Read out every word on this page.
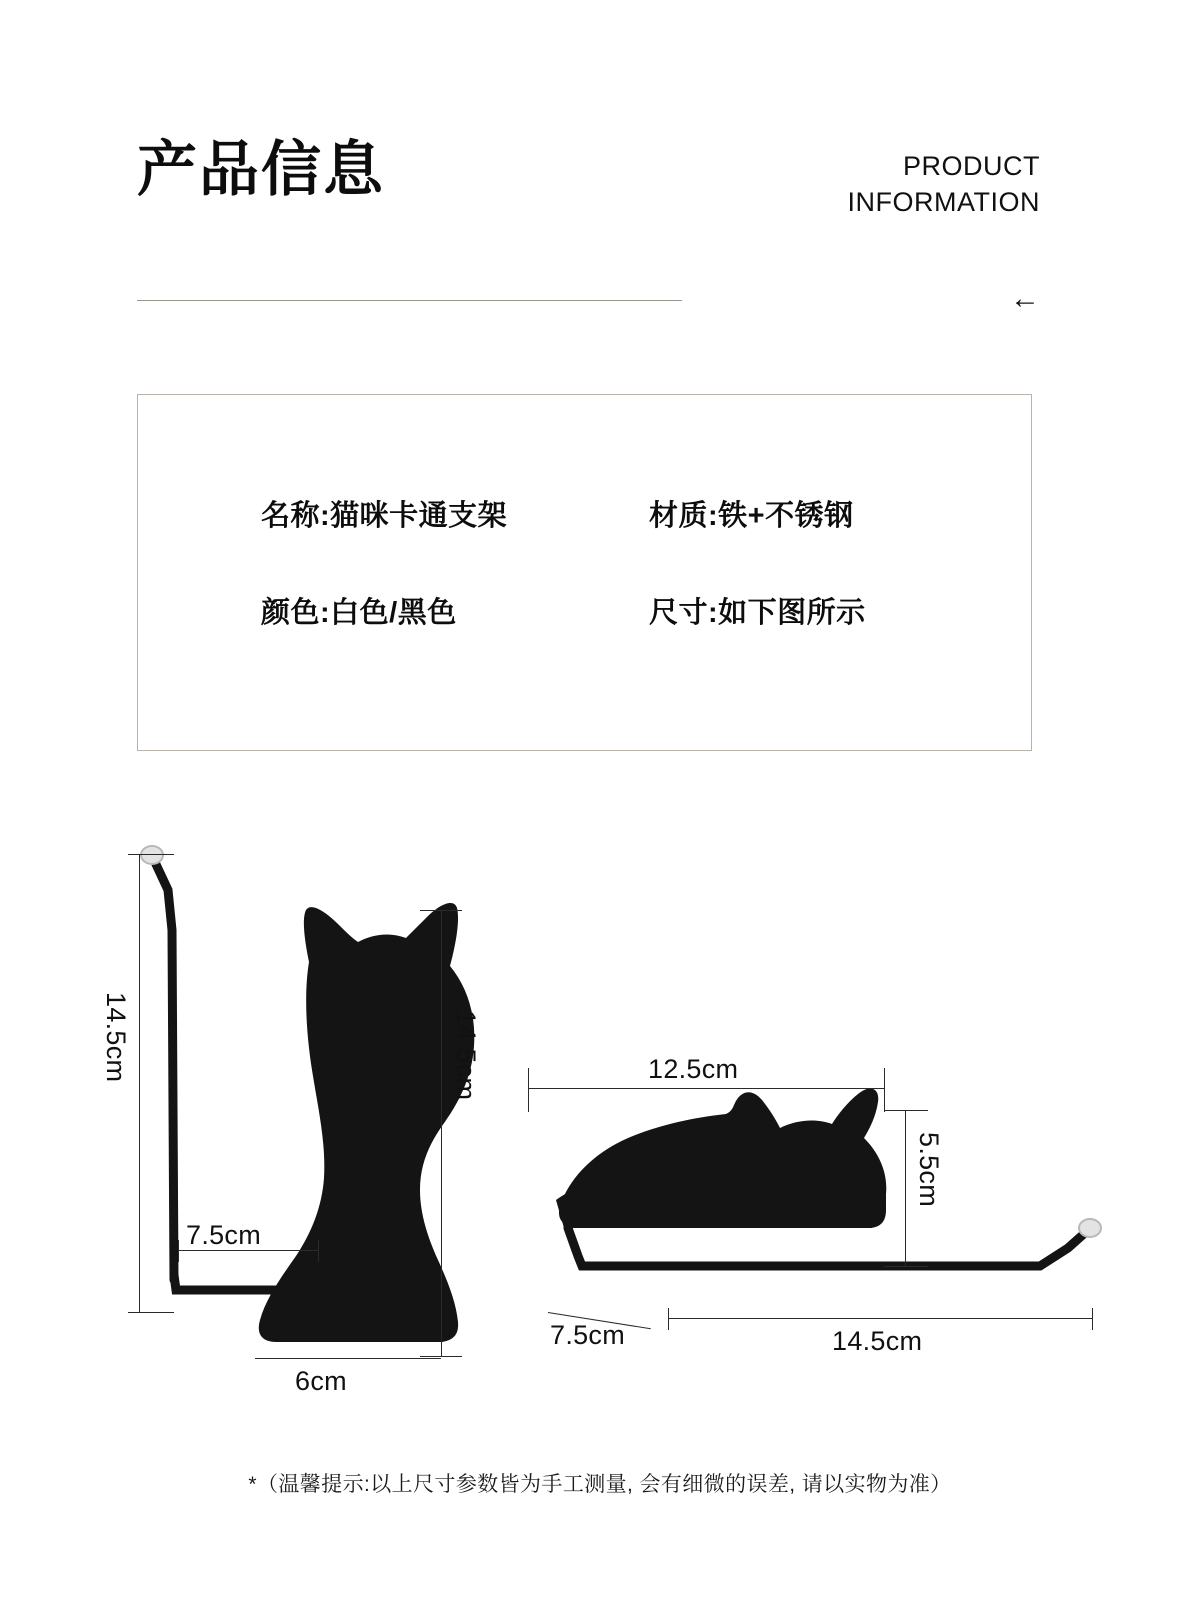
产品信息	PRODUCT
INFORMATION
←
名称:猫咪卡通支架	材质:铁+不锈钢
颜色:白色/黑色	尺寸:如下图所示
14.5cm	14.5cm
7.5cm
6cm
12.5cm
5.5cm
7.5cm	14.5cm
*（温馨提示:以上尺寸参数皆为手工测量, 会有细微的误差, 请以实物为准）
